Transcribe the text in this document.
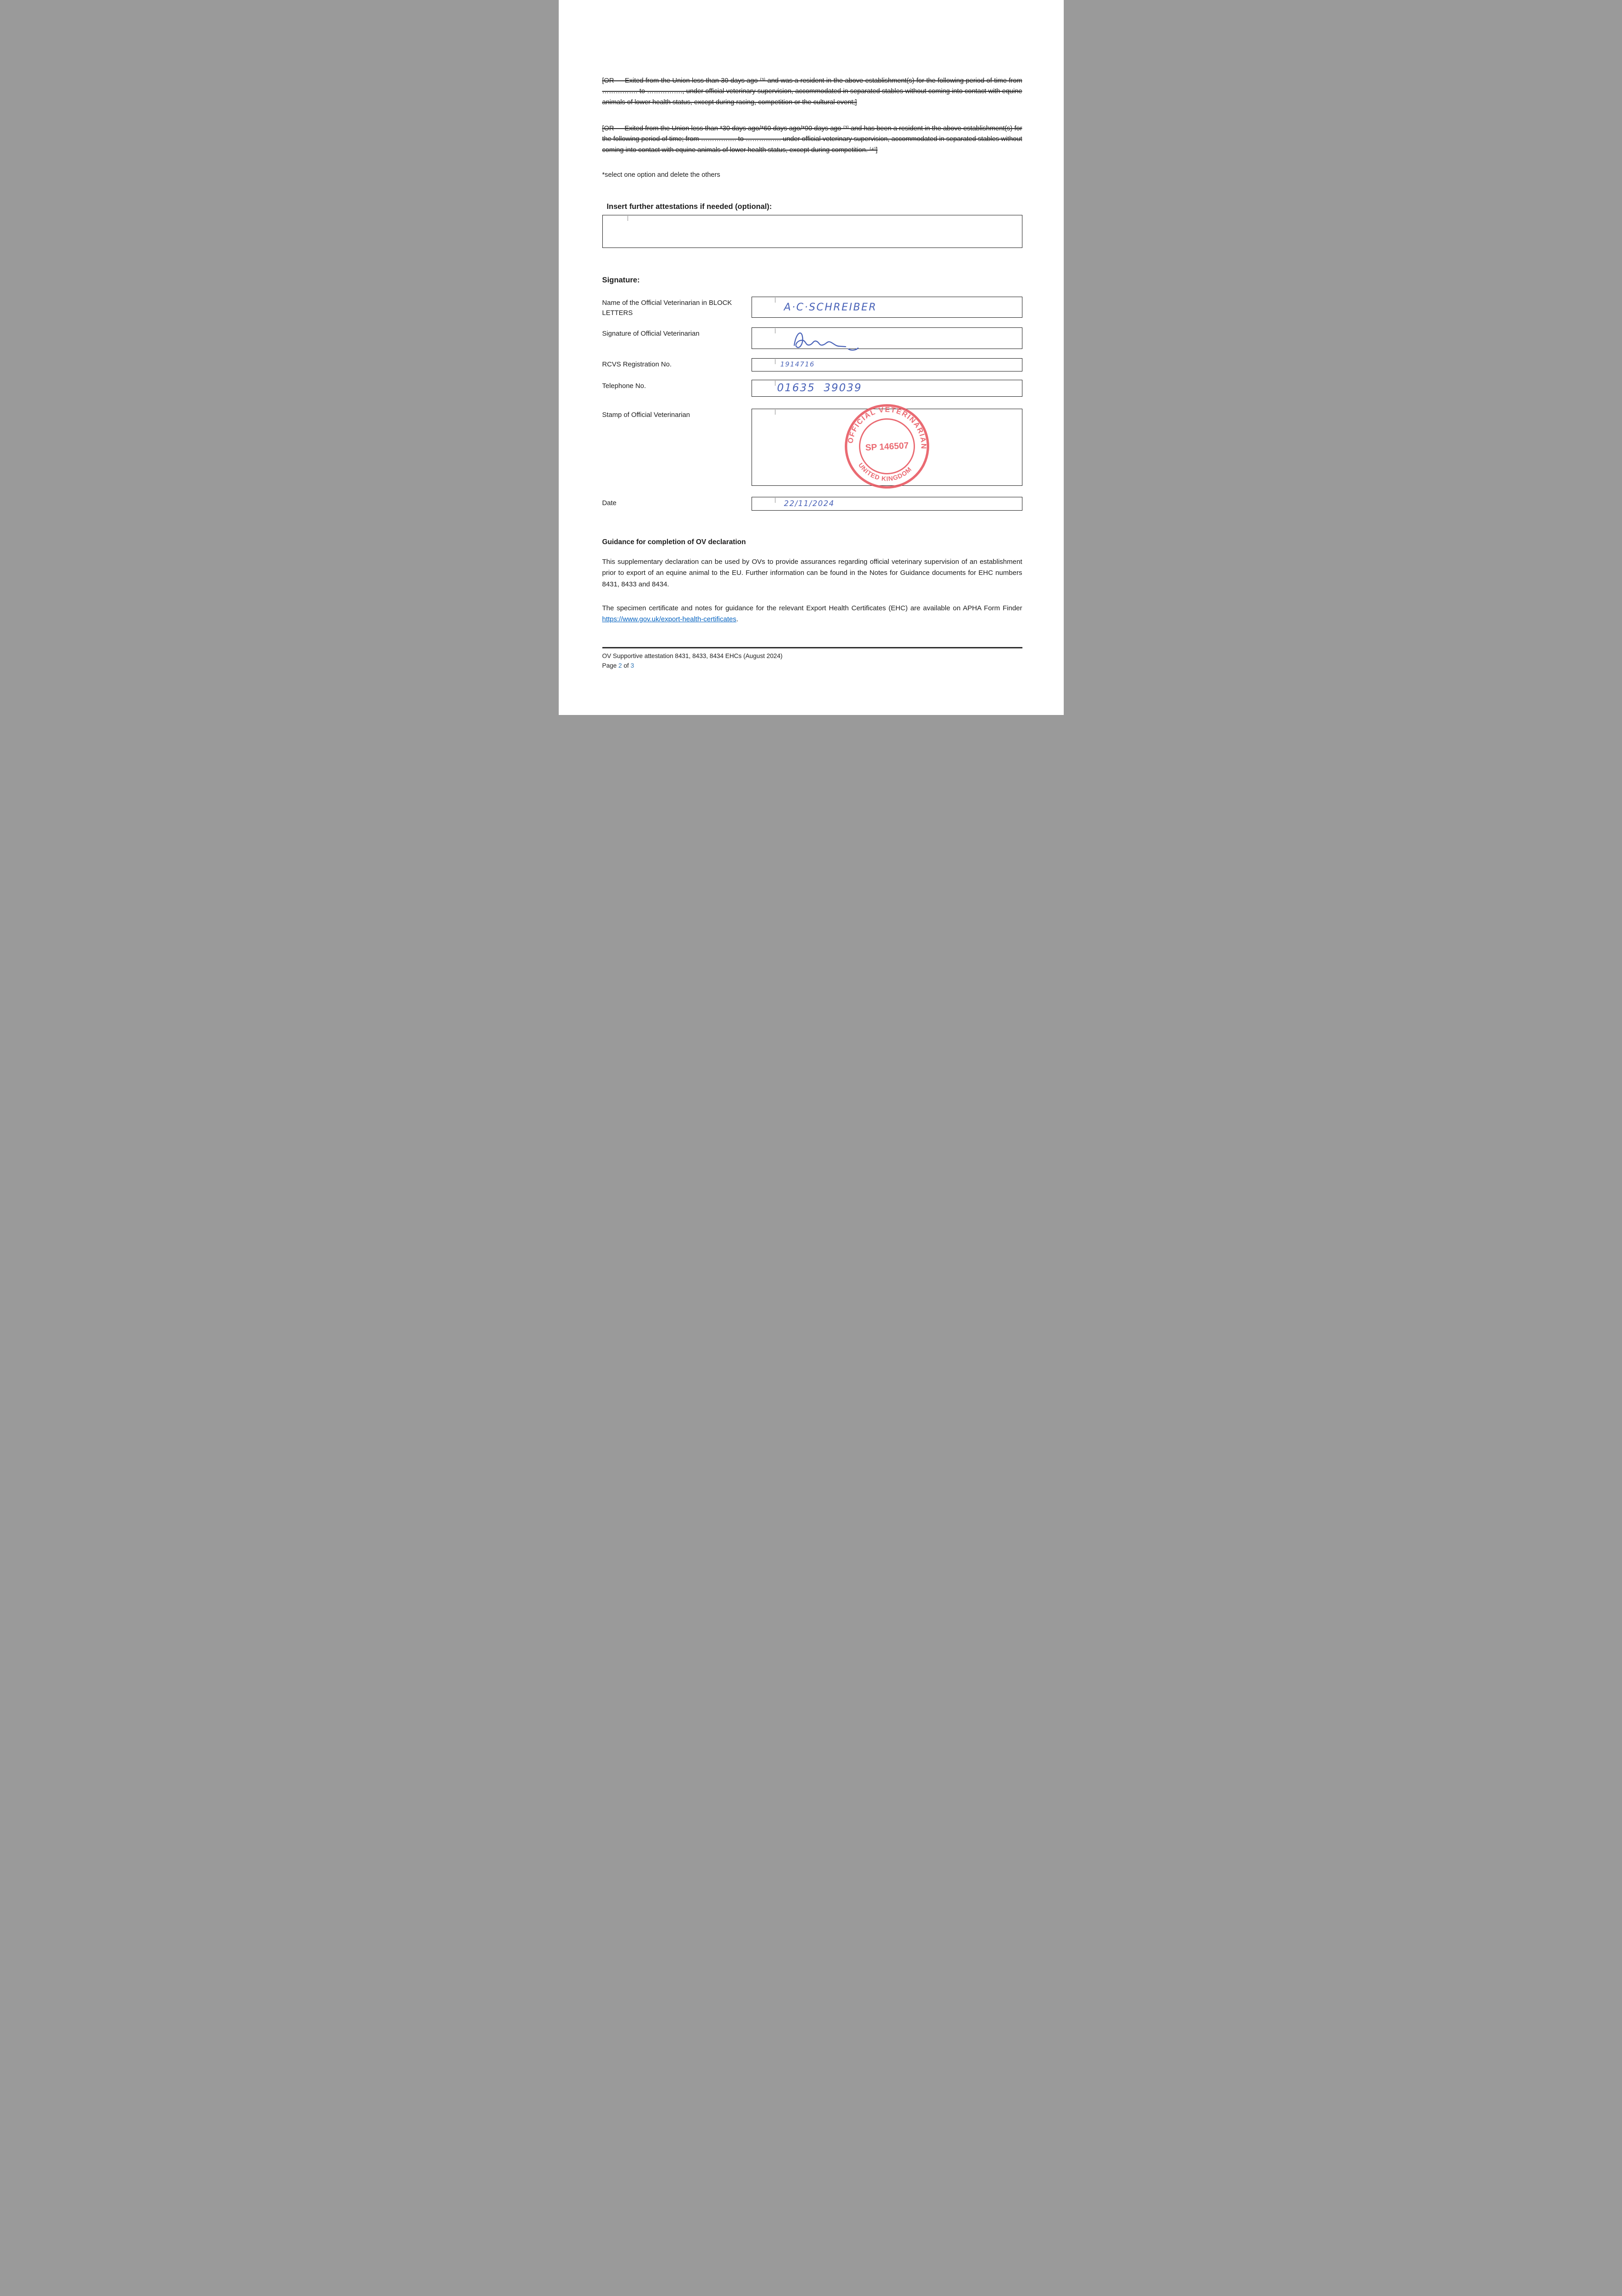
[OR — Exited from the Union less than 30 days ago ⁽³⁾ and was a resident in the above establishment(s) for the following period of time from ……………. to ……………., under official veterinary supervision, accommodated in separated stables without coming into contact with equine animals of lower health status, except during racing, competition or the cultural event;]

[OR — Exited from the Union less than *30 days ago/*60 days ago/*90 days ago ⁽³⁾ and has been a resident in the above establishment(s) for the following period of time; from ……………. to ……………. under official veterinary supervision, accommodated in separated stables without coming into contact with equine animals of lower health status, except during competition. ⁽⁴⁾]

*select one option and delete the others

Insert further attestations if needed (optional):
Signature:
Name of the Official Veterinarian in BLOCK LETTERS	A·C·SCHREIBER
Signature of Official Veterinarian
RCVS Registration No.	1914716
Telephone No.	01635  39039
Stamp of Official Veterinarian
OFFICIAL VETERINARIAN
UNITED KINGDOM
SP 146507
Date	22/11/2024
Guidance for completion of OV declaration

This supplementary declaration can be used by OVs to provide assurances regarding official veterinary supervision of an establishment prior to export of an equine animal to the EU. Further information can be found in the Notes for Guidance documents for EHC numbers 8431, 8433 and 8434.

The specimen certificate and notes for guidance for the relevant Export Health Certificates (EHC) are available on APHA Form Finder https://www.gov.uk/export-health-certificates.

OV Supportive attestation 8431, 8433, 8434 EHCs (August 2024)
Page 2 of 3
